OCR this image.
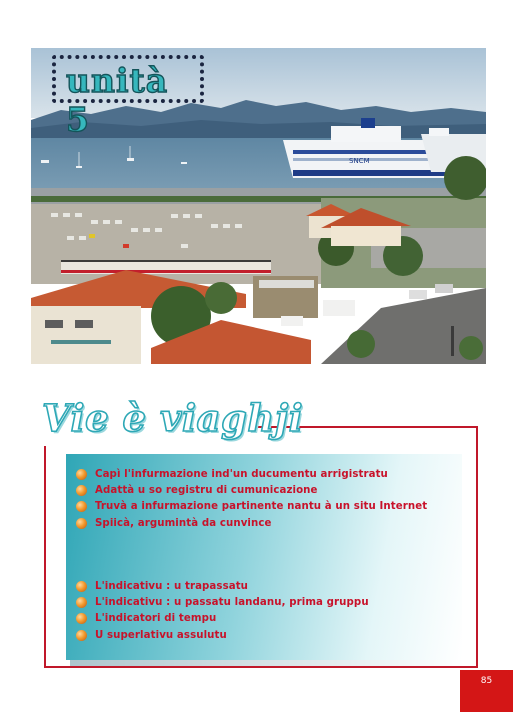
SNCM
unità 5
Vie è viaghji
Capì l'infurmazione ind'un ducumentu arrigistratu
Adattà u so registru di cumunicazione
Truvà a infurmazione partinente nantu à un situ Internet
Spiicà, argumintà da cunvince
L'indicativu : u trapassatu
L'indicativu : u passatu landanu, prima gruppu
L'indicatori di tempu
U superlativu assulutu
85
